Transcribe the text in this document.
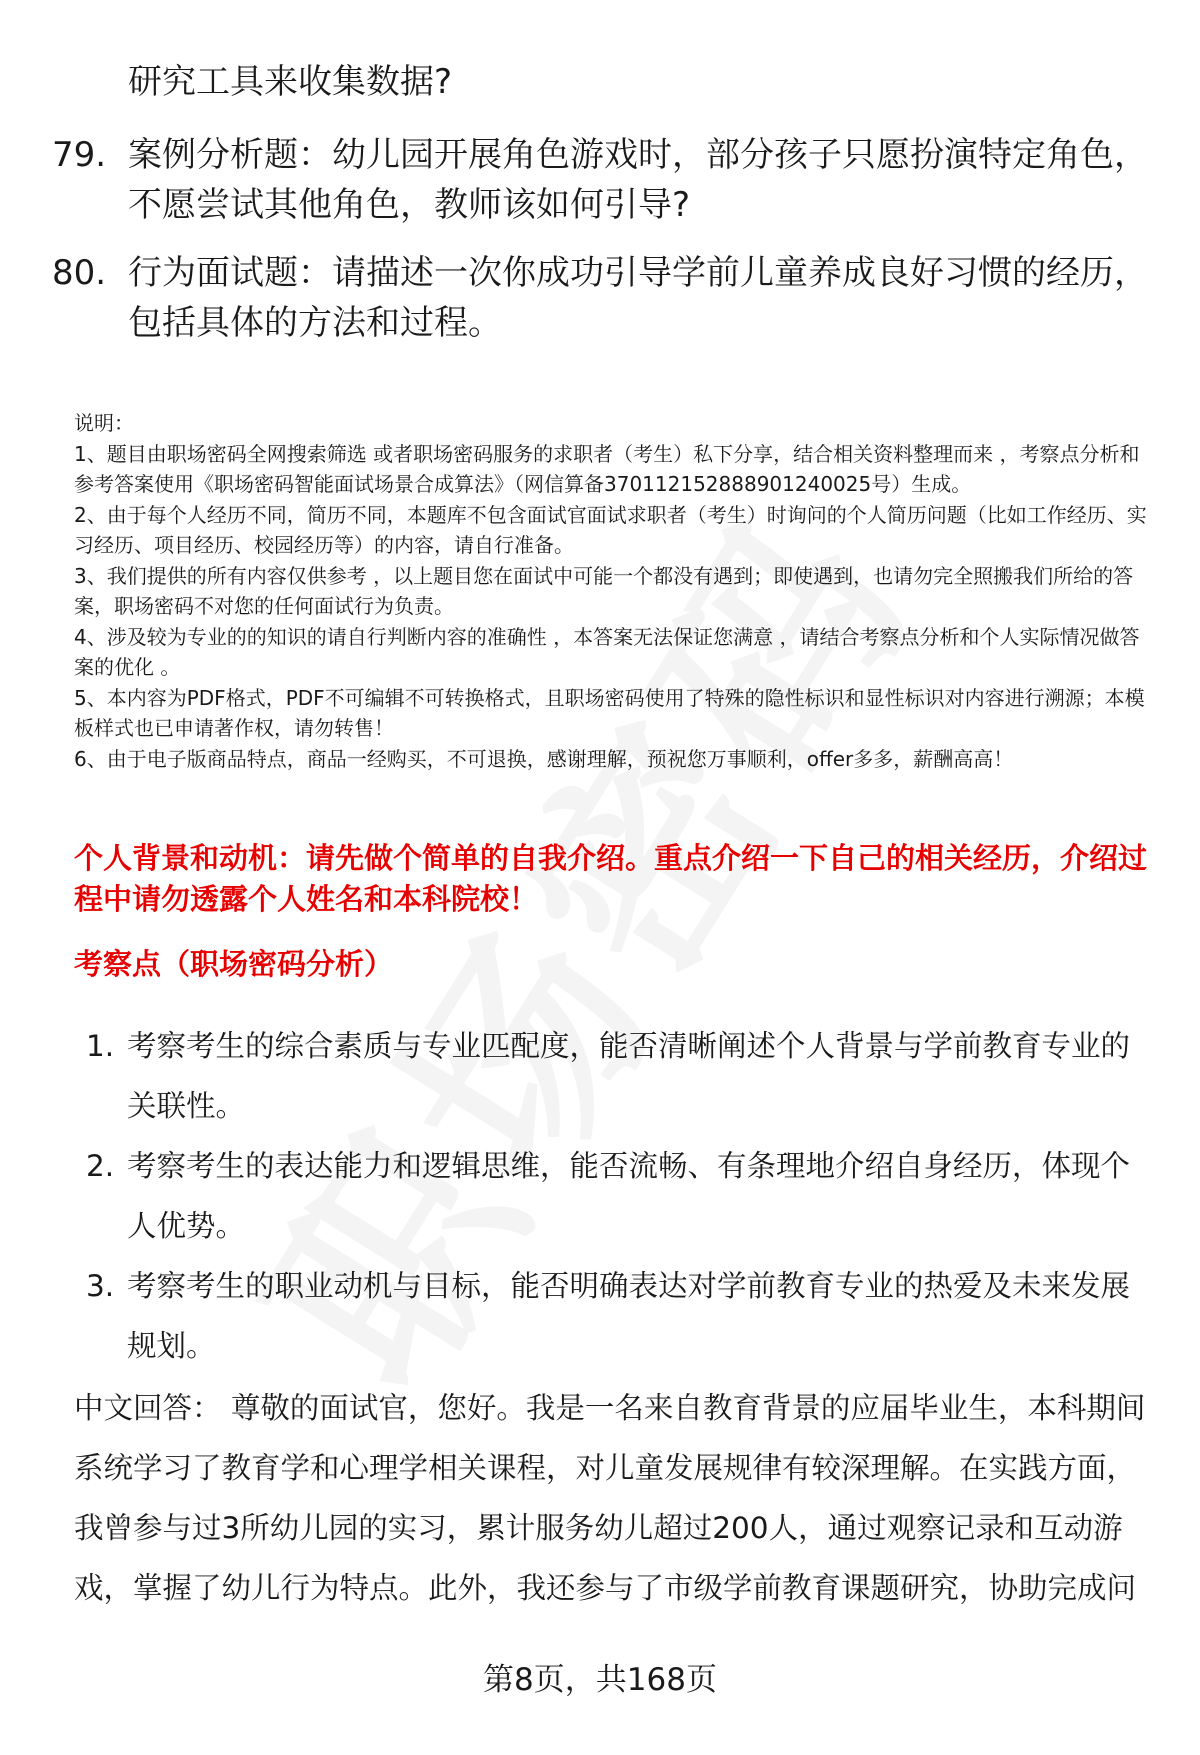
研究工具来收集数据?
79. 案例分析题：幼儿园开展角色游戏时，部分孩子只愿扮演特定角色，不愿尝试其他角色，教师该如何引导?
80. 行为面试题：请描述一次你成功引导学前儿童养成良好习惯的经历，包括具体的方法和过程。
说明：
1、题目由职场密码全网搜索筛选 或者职场密码服务的求职者（考生）私下分享，结合相关资料整理而来 ，考察点分析和参考答案使用《职场密码智能面试场景合成算法》（网信算备370112152888901240025号）生成。
2、由于每个人经历不同，简历不同，本题库不包含面试官面试求职者（考生）时询问的个人简历问题（比如工作经历、实习经历、项目经历、校园经历等）的内容，请自行准备。
3、我们提供的所有内容仅供参考 ，以上题目您在面试中可能一个都没有遇到；即使遇到，也请勿完全照搬我们所给的答案，职场密码不对您的任何面试行为负责。
4、涉及较为专业的的知识的请自行判断内容的准确性 ，本答案无法保证您满意 ，请结合考察点分析和个人实际情况做答案的优化 。
5、本内容为PDF格式，PDF不可编辑不可转换格式，且职场密码使用了特殊的隐性标识和显性标识对内容进行溯源；本模板样式也已申请著作权，请勿转售！
6、由于电子版商品特点，商品一经购买，不可退换，感谢理解，预祝您万事顺利，offer多多，薪酬高高！
个人背景和动机：请先做个简单的自我介绍。重点介绍一下自己的相关经历，介绍过程中请勿透露个人姓名和本科院校！
考察点（职场密码分析）
1. 考察考生的综合素质与专业匹配度，能否清晰阐述个人背景与学前教育专业的关联性。
2. 考察考生的表达能力和逻辑思维，能否流畅、有条理地介绍自身经历，体现个人优势。
3. 考察考生的职业动机与目标，能否明确表达对学前教育专业的热爱及未来发展规划。
中文回答： 尊敬的面试官，您好。我是一名来自教育背景的应届毕业生，本科期间系统学习了教育学和心理学相关课程，对儿童发展规律有较深理解。在实践方面，我曾参与过3所幼儿园的实习，累计服务幼儿超过200人，通过观察记录和互动游戏，掌握了幼儿行为特点。此外，我还参与了市级学前教育课题研究，协助完成问
第8页，共168页
